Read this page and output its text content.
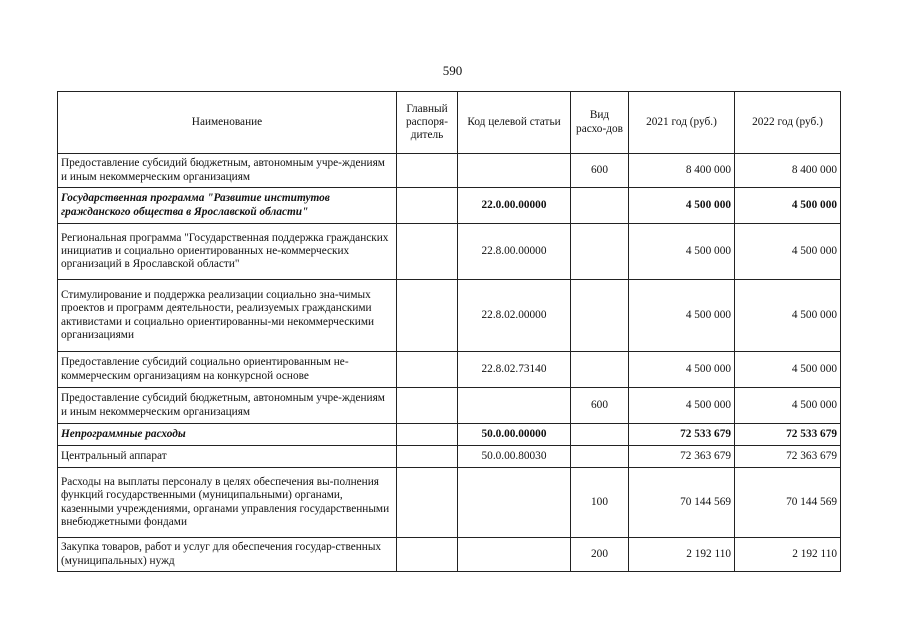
590
Наименование	Главный распоря-дитель	Код целевой статьи	Вид расхо-дов	2021 год (руб.)	2022 год (руб.)
Предоставление субсидий бюджетным, автономным учре-ждениям и иным некоммерческим организациям			600	8 400 000	8 400 000
Государственная программа "Развитие институтов гражданского общества в Ярославской области"		22.0.00.00000		4 500 000	4 500 000
Региональная программа "Государственная поддержка гражданских инициатив и социально ориентированных не-коммерческих организаций в Ярославской области"		22.8.00.00000		4 500 000	4 500 000
Стимулирование и поддержка реализации социально зна-чимых проектов и программ деятельности, реализуемых гражданскими активистами и социально ориентированны-ми некоммерческими организациями		22.8.02.00000		4 500 000	4 500 000
Предоставление субсидий социально ориентированным не-коммерческим организациям на конкурсной основе		22.8.02.73140		4 500 000	4 500 000
Предоставление субсидий бюджетным, автономным учре-ждениям и иным некоммерческим организациям			600	4 500 000	4 500 000
Непрограммные расходы		50.0.00.00000		72 533 679	72 533 679
Центральный аппарат		50.0.00.80030		72 363 679	72 363 679
Расходы на выплаты персоналу в целях обеспечения вы-полнения функций государственными (муниципальными) органами, казенными учреждениями, органами управления государственными внебюджетными фондами			100	70 144 569	70 144 569
Закупка товаров, работ и услуг для обеспечения государ-ственных (муниципальных) нужд			200	2 192 110	2 192 110
